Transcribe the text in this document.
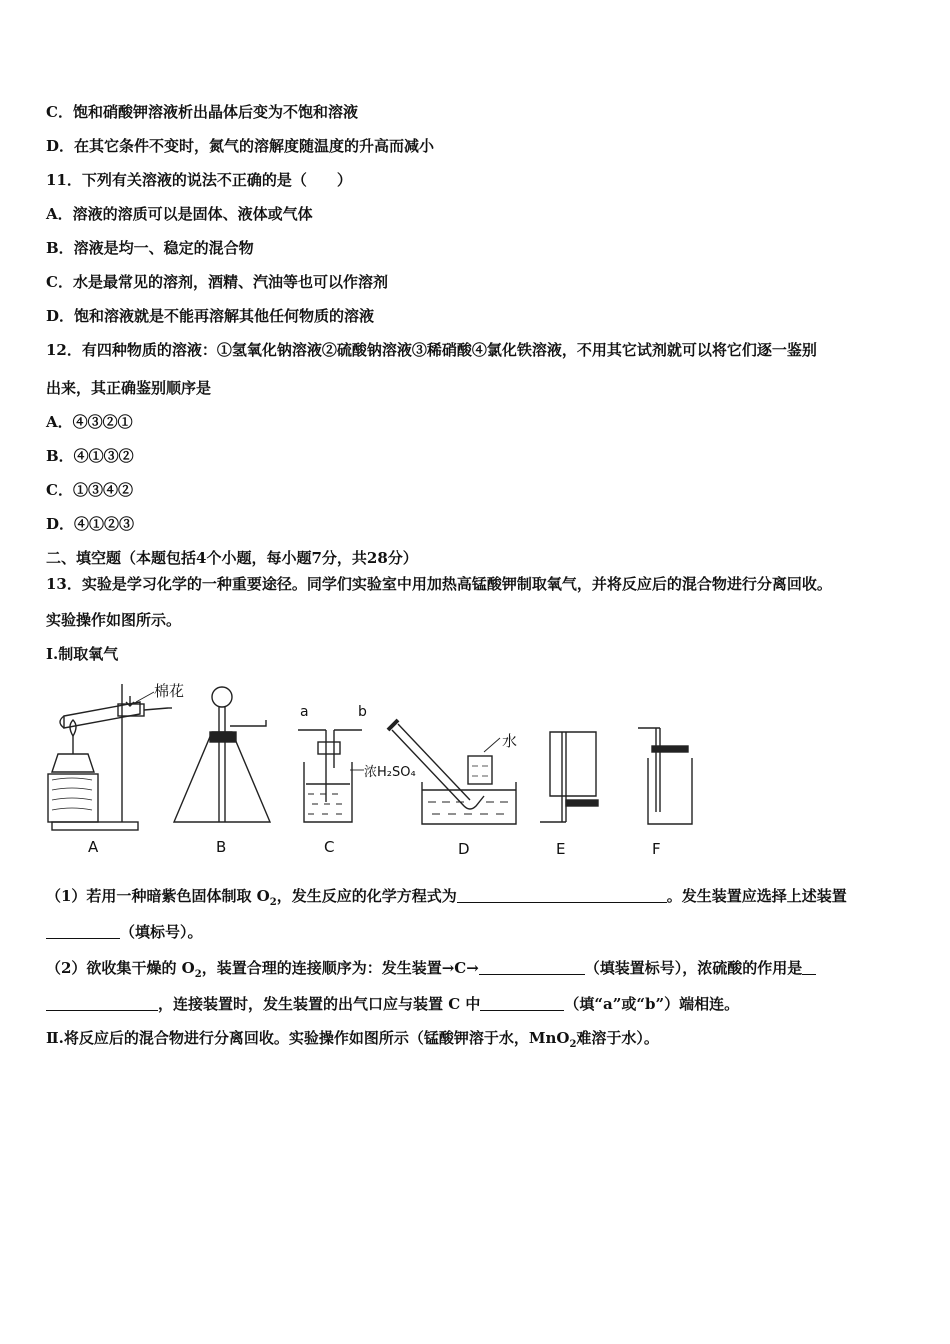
C．饱和硝酸钾溶液析出晶体后变为不饱和溶液
D．在其它条件不变时，氮气的溶解度随温度的升高而减小
11．下列有关溶液的说法不正确的是（　　）
A．溶液的溶质可以是固体、液体或气体
B．溶液是均一、稳定的混合物
C．水是最常见的溶剂，酒精、汽油等也可以作溶剂
D．饱和溶液就是不能再溶解其他任何物质的溶液
12．有四种物质的溶液：①氢氧化钠溶液②硫酸钠溶液③稀硝酸④氯化铁溶液，不用其它试剂就可以将它们逐一鉴别
出来，其正确鉴别顺序是
A．④③②①
B．④①③②
C．①③④②
D．④①②③
二、填空题（本题包括4个小题，每小题7分，共28分）
13．实验是学习化学的一种重要途径。同学们实验室中用加热高锰酸钾制取氧气，并将反应后的混合物进行分离回收。
实验操作如图所示。
Ⅰ.制取氧气
棉花
a	b
浓H₂SO₄
水
A	B	C	D	E	F
（1）若用一种暗紫色固体制取 $O_2$，发生反应的化学方程式为	。发生装置应选择上述装置
（填标号）。
（2）欲收集干燥的 $O_2$，装置合理的连接顺序为：发生装置→C→	（填装置标号），浓硫酸的作用是
，连接装置时，发生装置的出气口应与装置 C 中	（填“a”或“b”）端相连。
Ⅱ.将反应后的混合物进行分离回收。实验操作如图所示（锰酸钾溶于水，MnO$_2$难溶于水）。
